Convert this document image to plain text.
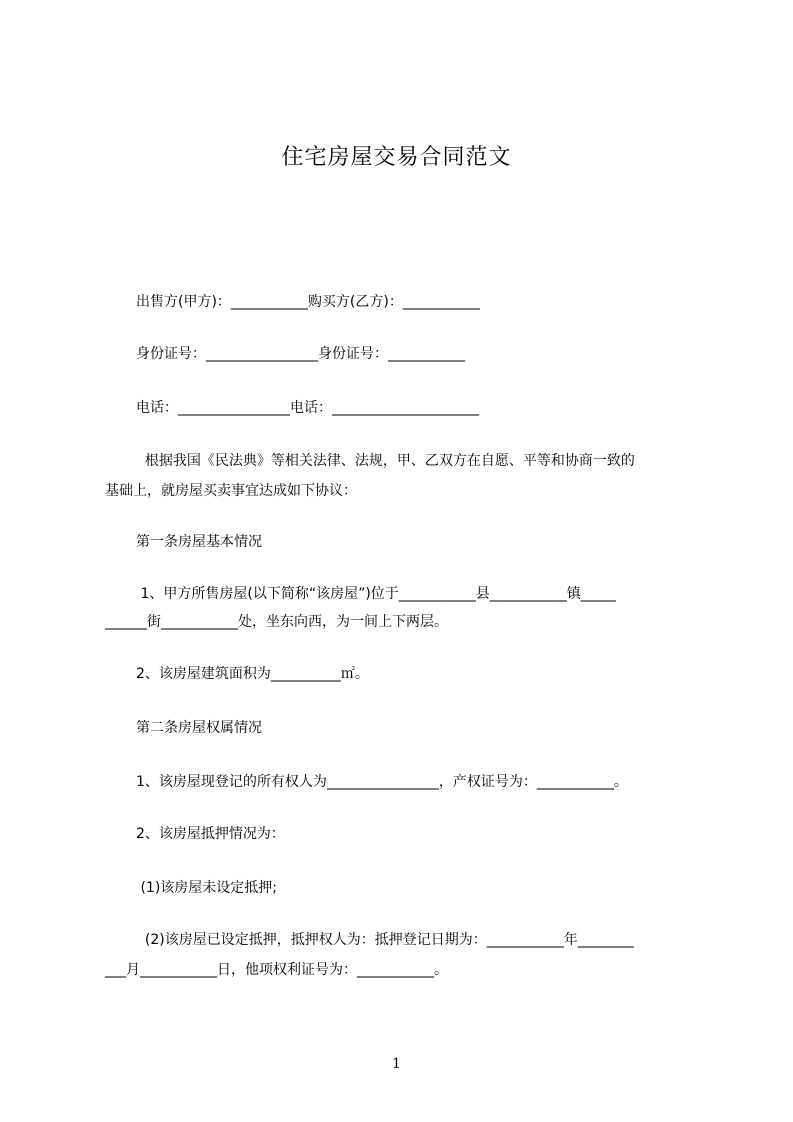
住宅房屋交易合同范文

出售方(甲方)：___________购买方(乙方)：___________

身份证号：________________身份证号：___________

电话：________________电话：_____________________

根据我国《民法典》等相关法律、法规，甲、乙双方在自愿、平等和协商一致的

基础上，就房屋买卖事宜达成如下协议：

第一条房屋基本情况

1、甲方所售房屋(以下简称“该房屋”)位于___________县___________镇_____

______街___________处，坐东向西，为一间上下两层。

2、该房屋建筑面积为__________㎡。

第二条房屋权属情况

1、该房屋现登记的所有权人为________________，产权证号为：___________。

2、该房屋抵押情况为：

(1)该房屋未设定抵押;

(2)该房屋已设定抵押，抵押权人为：抵押登记日期为：___________年________

___月___________日，他项权利证号为：___________。

1
